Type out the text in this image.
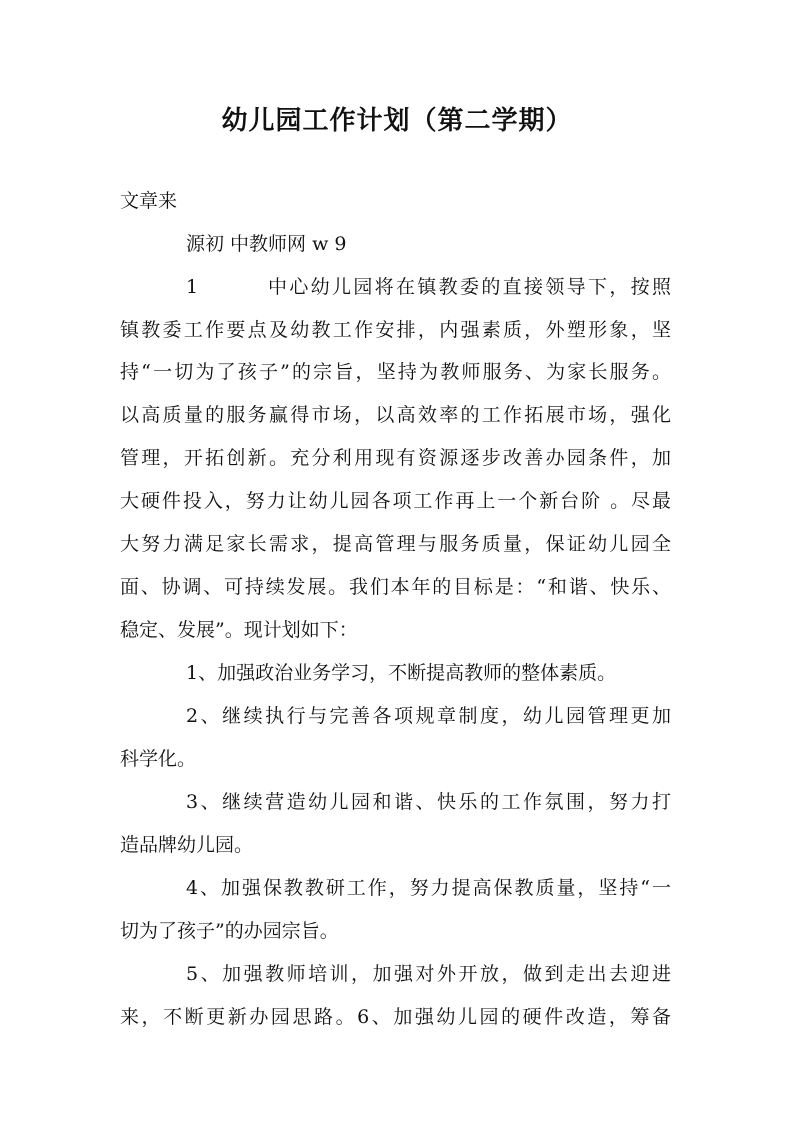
幼儿园工作计划（第二学期）
文章来
源初 中教师网 w 9
1	中心幼儿园将在镇教委的直接领导下，按照
镇教委工作要点及幼教工作安排，内强素质，外塑形象，坚
持“一切为了孩子”的宗旨，坚持为教师服务、为家长服务。
以高质量的服务赢得市场，以高效率的工作拓展市场，强化
管理，开拓创新。充分利用现有资源逐步改善办园条件，加
大硬件投入，努力让幼儿园各项工作再上一个新台阶 。尽最
大努力满足家长需求，提高管理与服务质量，保证幼儿园全
面、协调、可持续发展。我们本年的目标是：“和谐、快乐、
稳定、发展”。现计划如下：
1、加强政治业务学习，不断提高教师的整体素质。
2、继续执行与完善各项规章制度，幼儿园管理更加
科学化。
3、继续营造幼儿园和谐、快乐的工作氛围，努力打
造品牌幼儿园。
4、加强保教教研工作，努力提高保教质量，坚持“一
切为了孩子”的办园宗旨。
5、加强教师培训，加强对外开放，做到走出去迎进
来，不断更新办园思路。6、加强幼儿园的硬件改造，筹备
